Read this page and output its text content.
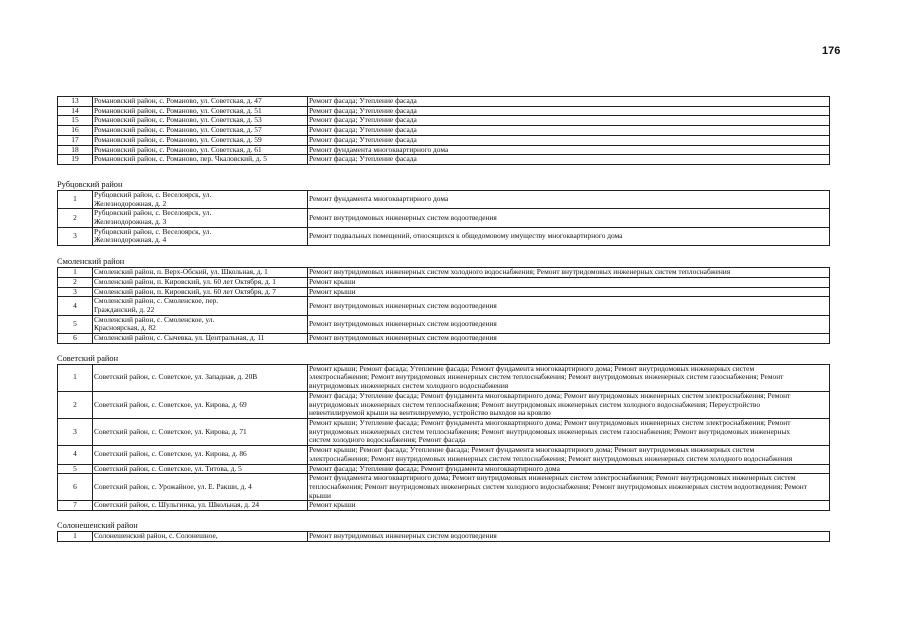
176
13	Романовский район, с. Романово, ул. Советская, д. 47	Ремонт фасада; Утепление фасада
14	Романовский район, с. Романово, ул. Советская, д. 51	Ремонт фасада; Утепление фасада
15	Романовский район, с. Романово, ул. Советская, д. 53	Ремонт фасада; Утепление фасада
16	Романовский район, с. Романово, ул. Советская, д. 57	Ремонт фасада; Утепление фасада
17	Романовский район, с. Романово, ул. Советская, д. 59	Ремонт фасада; Утепление фасада
18	Романовский район, с. Романово, ул. Советская, д. 61	Ремонт фундамента многоквартирного дома
19	Романовский район, с. Романово, пер. Чкаловский, д. 5	Ремонт фасада; Утепление фасада
Рубцовский район
1	Рубцовский район, с. Веселоярск, ул. Железнодорожная, д. 2	Ремонт фундамента многоквартирного дома
2	Рубцовский район, с. Веселоярск, ул. Железнодорожная, д. 3	Ремонт внутридомовых инженерных систем водоотведения
3	Рубцовский район, с. Веселоярск, ул. Железнодорожная, д. 4	Ремонт подвальных помещений, относящихся к общедомовому имуществу многоквартирного дома
Смоленский район
1	Смоленский район, п. Верх-Обский, ул. Школьная, д. 1	Ремонт внутридомовых инженерных систем холодного водоснабжения; Ремонт внутридомовых инженерных систем теплоснабжения
2	Смоленский район, п. Кировский, ул. 60 лет Октября, д. 1	Ремонт крыши
3	Смоленский район, п. Кировский, ул. 60 лет Октября, д. 7	Ремонт крыши
4	Смоленский район, с. Смоленское, пер. Гражданский, д. 22	Ремонт внутридомовых инженерных систем водоотведения
5	Смоленский район, с. Смоленское, ул. Красноярская, д. 82	Ремонт внутридомовых инженерных систем водоотведения
6	Смоленский район, с. Сычевка, ул. Центральная, д. 11	Ремонт внутридомовых инженерных систем водоотведения
Советский район
1	Советский район, с. Советское, ул. Западная, д. 20В	Ремонт крыши; Ремонт фасада; Утепление фасада; Ремонт фундамента многоквартирного дома; Ремонт внутридомовых инженерных систем электроснабжения; Ремонт внутридомовых инженерных систем теплоснабжения; Ремонт внутридомовых инженерных систем газоснабжения; Ремонт внутридомовых инженерных систем холодного водоснабжения
2	Советский район, с. Советское, ул. Кирова, д. 69	Ремонт фасада; Утепление фасада; Ремонт фундамента многоквартирного дома; Ремонт внутридомовых инженерных систем электроснабжения; Ремонт внутридомовых инженерных систем теплоснабжения; Ремонт внутридомовых инженерных систем холодного водоснабжения; Переустройство невентилируемой крыши на вентилируемую, устройство выходов на кровлю
3	Советский район, с. Советское, ул. Кирова, д. 71	Ремонт крыши; Утепление фасада; Ремонт фундамента многоквартирного дома; Ремонт внутридомовых инженерных систем электроснабжения; Ремонт внутридомовых инженерных систем теплоснабжения; Ремонт внутридомовых инженерных систем газоснабжения; Ремонт внутридомовых инженерных систем холодного водоснабжения; Ремонт фасада
4	Советский район, с. Советское, ул. Кирова, д. 86	Ремонт крыши; Ремонт фасада; Утепление фасада; Ремонт фундамента многоквартирного дома; Ремонт внутридомовых инженерных систем электроснабжения; Ремонт внутридомовых инженерных систем теплоснабжения; Ремонт внутридомовых инженерных систем холодного водоснабжения
5	Советский район, с. Советское, ул. Титова, д. 5	Ремонт фасада; Утепление фасада; Ремонт фундамента многоквартирного дома
6	Советский район, с. Урожайное, ул. Е. Ракши, д. 4	Ремонт фундамента многоквартирного дома; Ремонт внутридомовых инженерных систем электроснабжения; Ремонт внутридомовых инженерных систем теплоснабжения; Ремонт внутридомовых инженерных систем холодного водоснабжения; Ремонт внутридомовых инженерных систем водоотведения; Ремонт крыши
7	Советский район, с. Шульгинка, ул. Школьная, д. 24	Ремонт крыши
Солонешенский район
1	Солонешенский район, с. Солонешное,	Ремонт внутридомовых инженерных систем водоотведения
